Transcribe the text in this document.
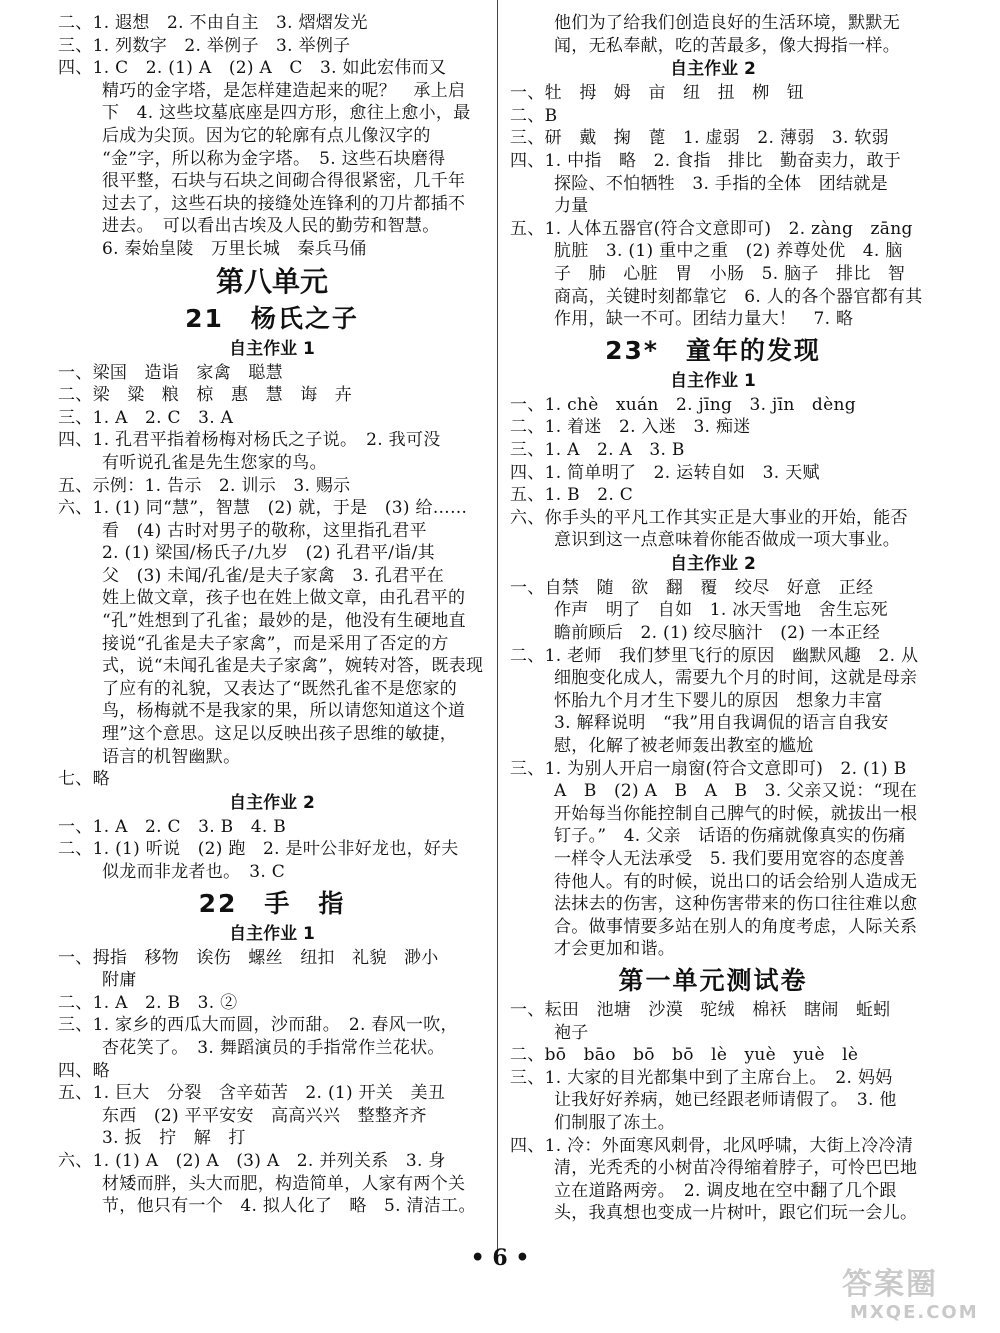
二、1. 遐想　2. 不由自主　3. 熠熠发光
三、1. 列数字　2. 举例子　3. 举例子
四、1. C　2. (1) A　(2) A　C　3. 如此宏伟而又
精巧的金字塔，是怎样建造起来的呢？　承上启
下　4. 这些坟墓底座是四方形，愈往上愈小，最
后成为尖顶。因为它的轮廓有点儿像汉字的
“金”字，所以称为金字塔。　5. 这些石块磨得
很平整，石块与石块之间砌合得很紧密，几千年
过去了，这些石块的接缝处连锋利的刀片都插不
进去。　可以看出古埃及人民的勤劳和智慧。
6. 秦始皇陵　万里长城　秦兵马俑
第八单元
21　杨氏之子
自主作业 1
一、梁国　造诣　家禽　聪慧
二、梁　粱　粮　椋　惠　慧　诲　卉
三、1. A　2. C　3. A
四、1. 孔君平指着杨梅对杨氏之子说。　2. 我可没
有听说孔雀是先生您家的鸟。
五、示例：1. 告示　2. 训示　3. 赐示
六、1. (1) 同“慧”，智慧　(2) 就，于是　(3) 给……
看　(4) 古时对男子的敬称，这里指孔君平
2. (1) 梁国/杨氏子/九岁　(2) 孔君平/诣/其
父　(3) 未闻/孔雀/是夫子家禽　3. 孔君平在
姓上做文章，孩子也在姓上做文章，由孔君平的
“孔”姓想到了孔雀；最妙的是，他没有生硬地直
接说“孔雀是夫子家禽”，而是采用了否定的方
式，说“未闻孔雀是夫子家禽”，婉转对答，既表现
了应有的礼貌，又表达了“既然孔雀不是您家的
鸟，杨梅就不是我家的果，所以请您知道这个道
理”这个意思。这足以反映出孩子思维的敏捷，
语言的机智幽默。
七、略
自主作业 2
一、1. A　2. C　3. B　4. B
二、1. (1) 听说　(2) 跑　2. 是叶公非好龙也，好夫
似龙而非龙者也。　3. C
22　手　指
自主作业 1
一、拇指　移物　诶伤　螺丝　纽扣　礼貌　渺小
附庸
二、1. A　2. B　3. ②
三、1. 家乡的西瓜大而圆，沙而甜。　2. 春风一吹，
杏花笑了。　3. 舞蹈演员的手指常作兰花状。
四、略
五、1. 巨大　分裂　含辛茹苦　2. (1) 开关　美丑
东西　(2) 平平安安　高高兴兴　整整齐齐
3. 扳　拧　解　打
六、1. (1) A　(2) A　(3) A　2. 并列关系　3. 身
材矮而胖，头大而肥，构造简单，人家有两个关
节，他只有一个　4. 拟人化了　略　5. 清洁工。
他们为了给我们创造良好的生活环境，默默无
闻，无私奉献，吃的苦最多，像大拇指一样。
自主作业 2
一、牡　拇　姆　亩　纽　扭　栁　钮
二、B
三、研　戴　掬　蓖　1. 虚弱　2. 薄弱　3. 软弱
四、1. 中指　略　2. 食指　排比　勤奋卖力，敢于
探险、不怕牺牲　3. 手指的全体　团结就是
力量
五、1. 人体五器官(符合文意即可)　2. zàng　zāng
肮脏　3. (1) 重中之重　(2) 养尊处优　4. 脑
子　肺　心脏　胃　小肠　5. 脑子　排比　智
商高，关键时刻都靠它　6. 人的各个器官都有其
作用，缺一不可。团结力量大！　7. 略
23*　童年的发现
自主作业 1
一、1. chè　xuán　2. jīng　3. jīn　dèng
二、1. 着迷　2. 入迷　3. 痴迷
三、1. A　2. A　3. B
四、1. 简单明了　2. 运转自如　3. 天赋
五、1. B　2. C
六、你手头的平凡工作其实正是大事业的开始，能否
意识到这一点意味着你能否做成一项大事业。
自主作业 2
一、自禁　随　欲　翻　覆　绞尽　好意　正经
作声　明了　自如　1. 冰天雪地　舍生忘死
瞻前顾后　2. (1) 绞尽脑汁　(2) 一本正经
二、1. 老师　我们梦里飞行的原因　幽默风趣　2. 从
细胞变化成人，需要九个月的时间，这就是母亲
怀胎九个月才生下婴儿的原因　想象力丰富
3. 解释说明　“我”用自我调侃的语言自我安
慰，化解了被老师轰出教室的尴尬
三、1. 为别人开启一扇窗(符合文意即可)　2. (1) B
A　B　(2) A　B　A　B　3. 父亲又说：“现在
开始每当你能控制自己脾气的时候，就拔出一根
钉子。”　4. 父亲　话语的伤痛就像真实的伤痛
一样令人无法承受　5. 我们要用宽容的态度善
待他人。有的时候，说出口的话会给别人造成无
法抹去的伤害，这种伤害带来的伤口往往难以愈
合。做事情要多站在别人的角度考虑，人际关系
才会更加和谐。
第一单元测试卷
一、耘田　池塘　沙漠　驼绒　棉袄　瞎闹　蚯蚓
袍子
二、bō　bāo　bō　bō　lè　yuè　yuè　lè
三、1. 大家的目光都集中到了主席台上。　2. 妈妈
让我好好养病，她已经跟老师请假了。　3. 他
们制服了冻土。
四、1. 冷：外面寒风刺骨，北风呼啸，大街上冷冷清
清，光秃秃的小树苗冷得缩着脖子，可怜巴巴地
立在道路两旁。　2. 调皮地在空中翻了几个跟
头，我真想也变成一片树叶，跟它们玩一会儿。
• 6 •
答案圈
MXQE.COM
